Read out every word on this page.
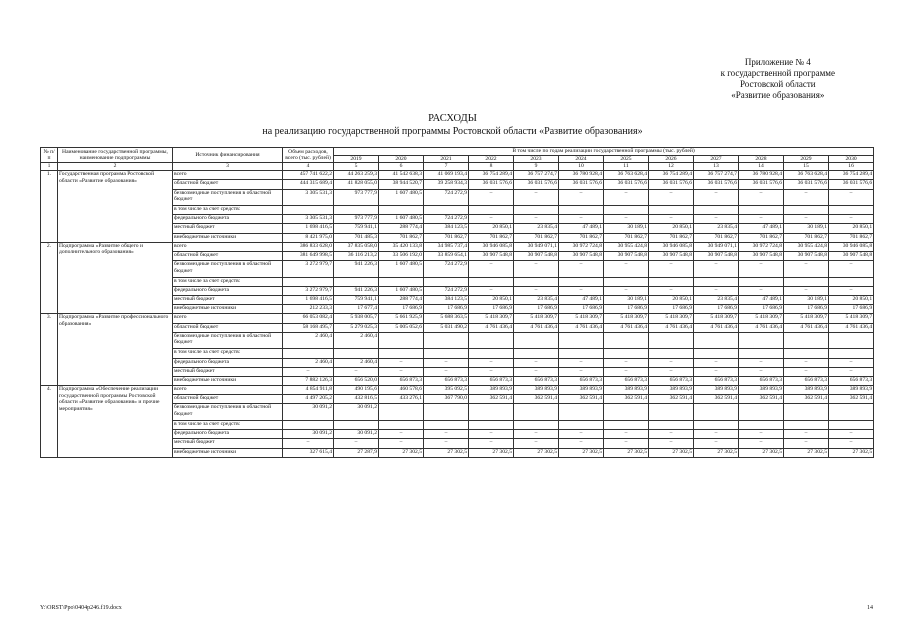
Приложение № 4
к государственной программе
Ростовской области
«Развитие образования»
РАСХОДЫ
на реализацию государственной программы Ростовской области «Развитие образования»
№ п/п	Наименование государственной программы, наименование подпрограммы	Источник финансирования	Объем расходов, всего (тыс. рублей)	В том числе по годам реализации государственной программы (тыс. рублей)											
				2019	2020	2021	2022	2023	2024	2025	2026	2027	2028	2029	2030
1	2	3	4	5	6	7	8	9	10	11	12	13	14	15	16
1.	Государственная программа Ростовской области «Развитие образования»	всего	457 741 622,2	44 263 259,3	41 542 638,3	41 069 193,4	36 754 289,4	36 757 274,7	36 780 928,4	36 763 628,4	36 754 289,4	36 757 274,7	36 780 928,4	36 763 628,4	36 754 289,4
		областной бюджет	444 315 689,4	41 828 055,0	38 944 520,7	39 258 934,3	36 031 576,6	36 031 576,6	36 031 576,6	36 031 576,6	36 031 576,6	36 031 576,6	36 031 576,6	36 031 576,6	36 031 576,6
		безвозмездные поступления в областной бюджет	3 305 531,3	973 777,9	1 607 480,5	724 272,9	–	–	–	–	–	–	–	–	–
		в том числе за счет средств:													
		федерального бюджета	3 305 531,3	973 777,9	1 607 480,5	724 272,9	–	–	–	–	–	–	–	–	–
		местный бюджет	1 698 416,5	759 941,1	288 774,4	384 123,5	20 850,1	23 835,4	47 489,1	30 189,1	20 850,1	23 835,4	47 489,1	30 189,1	20 850,1
		внебюджетные источники	8 421 975,0	701 485,3	701 862,7	701 862,7	701 862,7	701 862,7	701 862,7	701 862,7	701 862,7	701 862,7	701 862,7	701 862,7	701 862,7
2.	Подпрограмма «Развитие общего и дополнительного образования»	всего	386 833 628,0	37 835 058,0	35 420 133,8	34 985 737,4	30 946 085,8	30 949 071,1	30 972 724,8	30 955 424,8	30 946 085,8	30 949 071,1	30 972 724,8	30 955 424,8	30 946 085,8
		областной бюджет	381 649 998,5	36 116 213,2	33 506 192,0	33 859 654,1	30 907 548,8	30 907 548,8	30 907 548,8	30 907 548,8	30 907 548,8	30 907 548,8	30 907 548,8	30 907 548,8	30 907 548,8
		безвозмездные поступления в областной бюджет	3 272 979,7	941 226,3	1 607 480,5	724 272,9	–	–	–	–	–	–	–	–	–
		в том числе за счет средств:													
		федерального бюджета	3 272 979,7	941 226,3	1 607 480,5	724 272,9	–	–	–	–	–	–	–	–	–
		местный бюджет	1 698 416,5	759 941,1	288 774,4	384 123,5	20 850,1	23 835,4	47 489,1	30 189,1	20 850,1	23 835,4	47 489,1	30 189,1	20 850,1
		внебюджетные источники	212 233,3	17 677,4	17 686,9	17 686,9	17 686,9	17 686,9	17 686,9	17 686,9	17 686,9	17 686,9	17 686,9	17 686,9	17 686,9
3.	Подпрограмма «Развитие профессионального образования»	всего	66 053 082,4	5 938 005,7	5 661 925,9	5 688 363,5	5 418 309,7	5 418 309,7	5 418 309,7	5 418 309,7	5 418 309,7	5 418 309,7	5 418 309,7	5 418 309,7	5 418 309,7
		областной бюджет	58 168 495,7	5 279 025,3	5 005 052,6	5 031 490,2	4 761 436,4	4 761 436,4	4 761 436,4	4 761 436,4	4 761 436,4	4 761 436,4	4 761 436,4	4 761 436,4	4 761 436,4
		безвозмездные поступления в областной бюджет	2 460,4	2 460,4											
		в том числе за счет средств:													
		федерального бюджета	2 460,4	2 460,4	–	–	–	–	–	–	–	–	–	–	–
		местный бюджет	–	–	–	–	–	–	–	–	–	–	–	–	–
		внебюджетные источники	7 882 126,3	656 520,0	656 873,3	656 873,3	656 873,3	656 873,3	656 873,3	656 873,3	656 873,3	656 873,3	656 873,3	656 873,3	656 873,3
4.	Подпрограмма «Обеспечение реализации государственной программы Ростовской области «Развитие образования» и прочие мероприятия»	всего	4 854 911,8	490 195,6	460 578,6	395 092,5	389 893,9	389 893,9	389 893,9	389 893,9	389 893,9	389 893,9	389 893,9	389 893,9	389 893,9
		областной бюджет	4 497 205,2	432 816,5	433 276,1	367 790,0	362 591,4	362 591,4	362 591,4	362 591,4	362 591,4	362 591,4	362 591,4	362 591,4	362 591,4
		безвозмездные поступления в областной бюджет	30 091,2	30 091,2											
		в том числе за счет средств:													
		федерального бюджета	30 091,2	30 091,2	–	–	–	–	–	–	–	–	–	–	–
		местный бюджет	–	–	–	–	–	–	–	–	–	–	–	–	–
		внебюджетные источники	327 615,4	27 287,9	27 302,5	27 302,5	27 302,5	27 302,5	27 302,5	27 302,5	27 302,5	27 302,5	27 302,5	27 302,5	27 302,5
Y:\ORST\Ppo\0404p246.f19.docx	14
